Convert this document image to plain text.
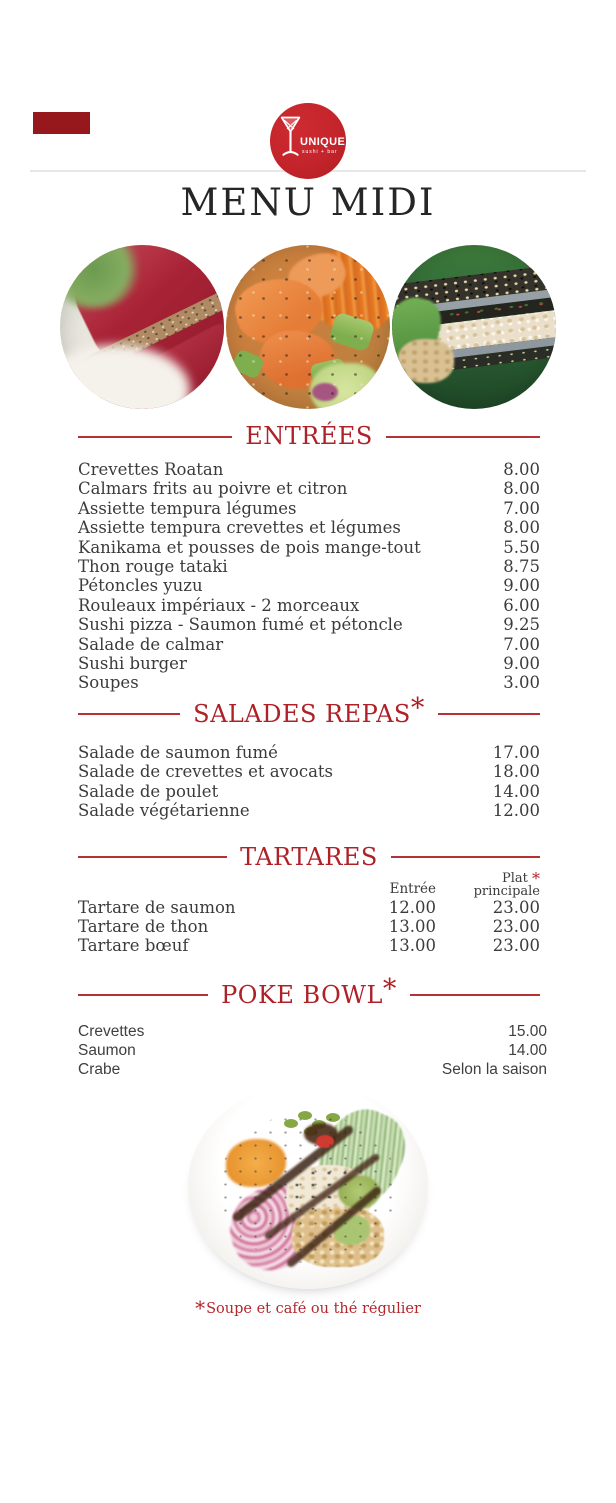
UNIQUE
sushi + bar
MENU MIDI
ENTRÉES
Crevettes Roatan	8.00
Calmars frits au poivre et citron	8.00
Assiette tempura légumes	7.00
Assiette tempura crevettes et légumes	8.00
Kanikama et pousses de pois mange-tout	5.50
Thon rouge tataki	8.75
Pétoncles yuzu	9.00
Rouleaux impériaux - 2 morceaux	6.00
Sushi pizza - Saumon fumé et pétoncle	9.25
Salade de calmar	7.00
Sushi burger	9.00
Soupes	3.00
SALADES REPAS*
Salade de saumon fumé	17.00
Salade de crevettes et avocats	18.00
Salade de poulet	14.00
Salade végétarienne	12.00
TARTARES
Entrée
Plat *
principale
Tartare de saumon	12.00	23.00
Tartare de thon	13.00	23.00
Tartare bœuf	13.00	23.00
POKE BOWL*
Crevettes	15.00
Saumon	14.00
Crabe	Selon la saison
*Soupe et café ou thé régulier
